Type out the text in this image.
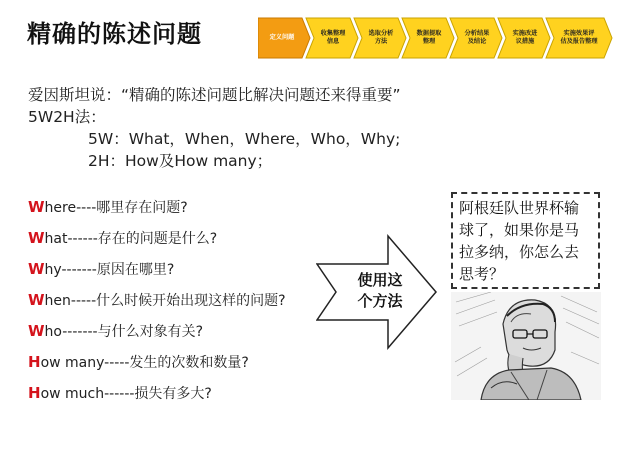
精确的陈述问题	定义问题
收集整理
信息
选取分析
方法
数据提取
整理
分析结果
及结论
实施改进
议措施
实施效果评
估及报告整理
爱因斯坦说：“精确的陈述问题比解决问题还来得重要”
5W2H法：
5W：What，When，Where，Who，Why;
2H：How及How many；
Where----哪里存在问题?
What------存在的问题是什么?
Why-------原因在哪里?
When-----什么时候开始出现这样的问题?
Who-------与什么对象有关?
How many-----发生的次数和数量?
How much------损失有多大?
使用这
个方法
阿根廷队世界杯输球了，如果你是马拉多纳，你怎么去思考？
